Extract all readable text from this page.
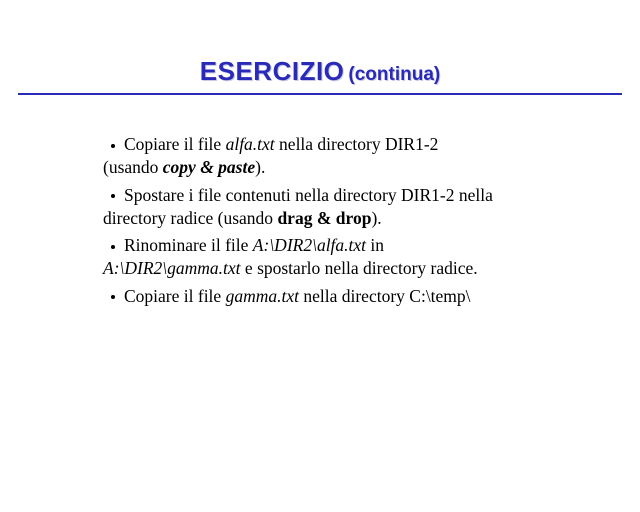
ESERCIZIO (continua)
Copiare il file alfa.txt nella directory DIR1-2
(usando copy & paste).
Spostare i file contenuti nella directory DIR1-2 nella
directory radice (usando drag & drop).
Rinominare il file A:\DIR2\alfa.txt in
A:\DIR2\gamma.txt e spostarlo nella directory radice.
Copiare il file gamma.txt nella directory C:\temp\
